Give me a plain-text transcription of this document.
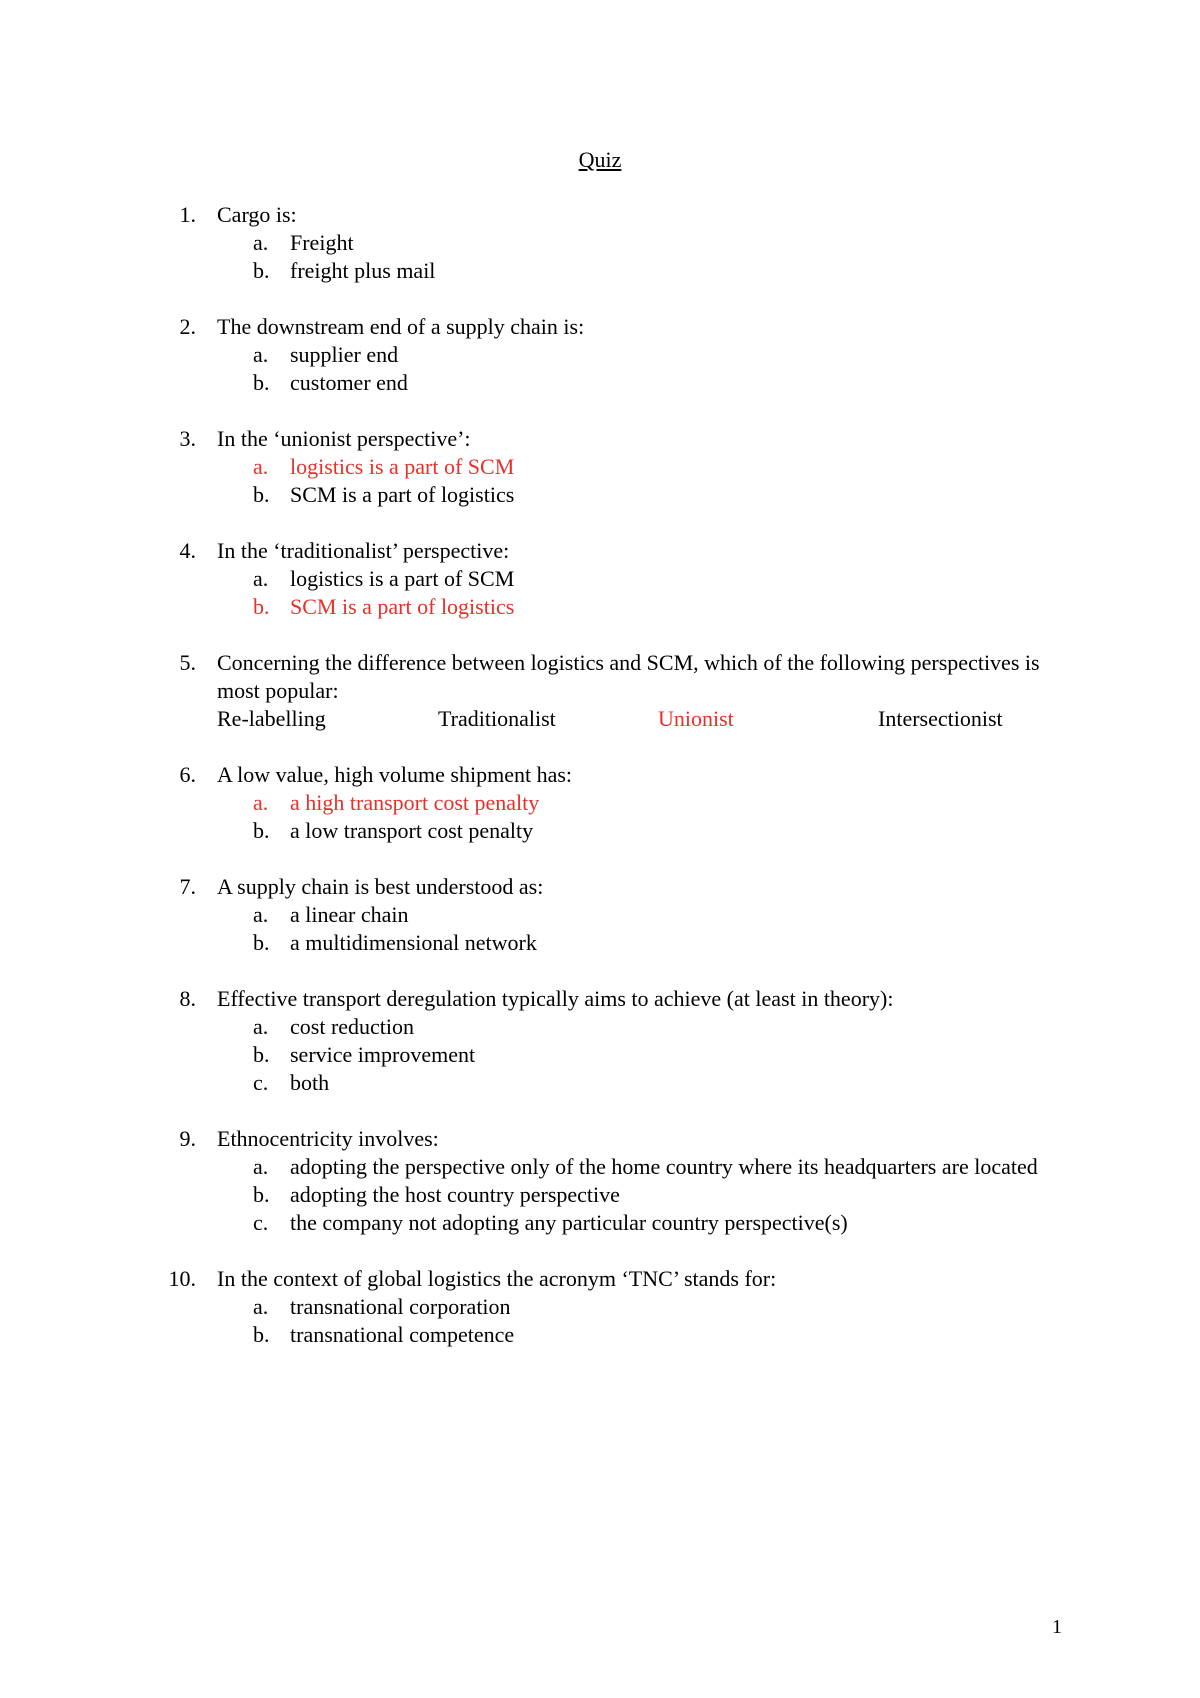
Quiz
1. Cargo is:
a. Freight
b. freight plus mail
2. The downstream end of a supply chain is:
a. supplier end
b. customer end
3. In the ‘unionist perspective’:
a. logistics is a part of SCM
b. SCM is a part of logistics
4. In the ‘traditionalist’ perspective:
a. logistics is a part of SCM
b. SCM is a part of logistics
5. Concerning the difference between logistics and SCM, which of the following perspectives is most popular:
Re-labelling	Traditionalist	Unionist	Intersectionist
6. A low value, high volume shipment has:
a. a high transport cost penalty
b. a low transport cost penalty
7. A supply chain is best understood as:
a. a linear chain
b. a multidimensional network
8. Effective transport deregulation typically aims to achieve (at least in theory):
a. cost reduction
b. service improvement
c. both
9. Ethnocentricity involves:
a. adopting the perspective only of the home country where its headquarters are located
b. adopting the host country perspective
c. the company not adopting any particular country perspective(s)
10. In the context of global logistics the acronym ‘TNC’ stands for:
a. transnational corporation
b. transnational competence
1
